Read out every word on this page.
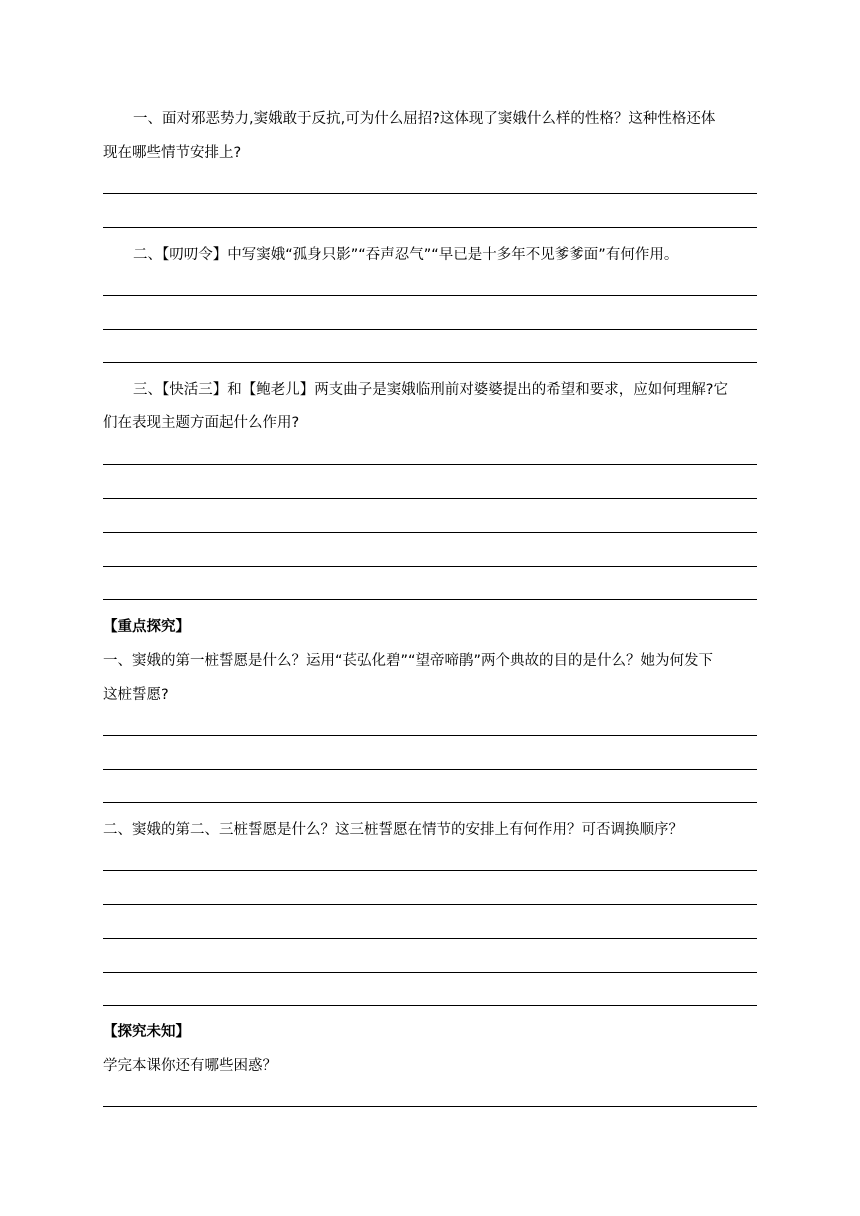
一、面对邪恶势力,窦娥敢于反抗,可为什么屈招?这体现了窦娥什么样的性格？这种性格还体
现在哪些情节安排上?
二、【叨叨令】中写窦娥“孤身只影”“吞声忍气”“早已是十多年不见爹爹面”有何作用。
三、【快活三】和【鲍老儿】两支曲子是窦娥临刑前对婆婆提出的希望和要求，应如何理解?它
们在表现主题方面起什么作用?
【重点探究】
一、窦娥的第一桩誓愿是什么？运用“苌弘化碧”“望帝啼鹃”两个典故的目的是什么？她为何发下
这桩誓愿?
二、窦娥的第二、三桩誓愿是什么？这三桩誓愿在情节的安排上有何作用？可否调换顺序？
【探究未知】
学完本课你还有哪些困惑？
